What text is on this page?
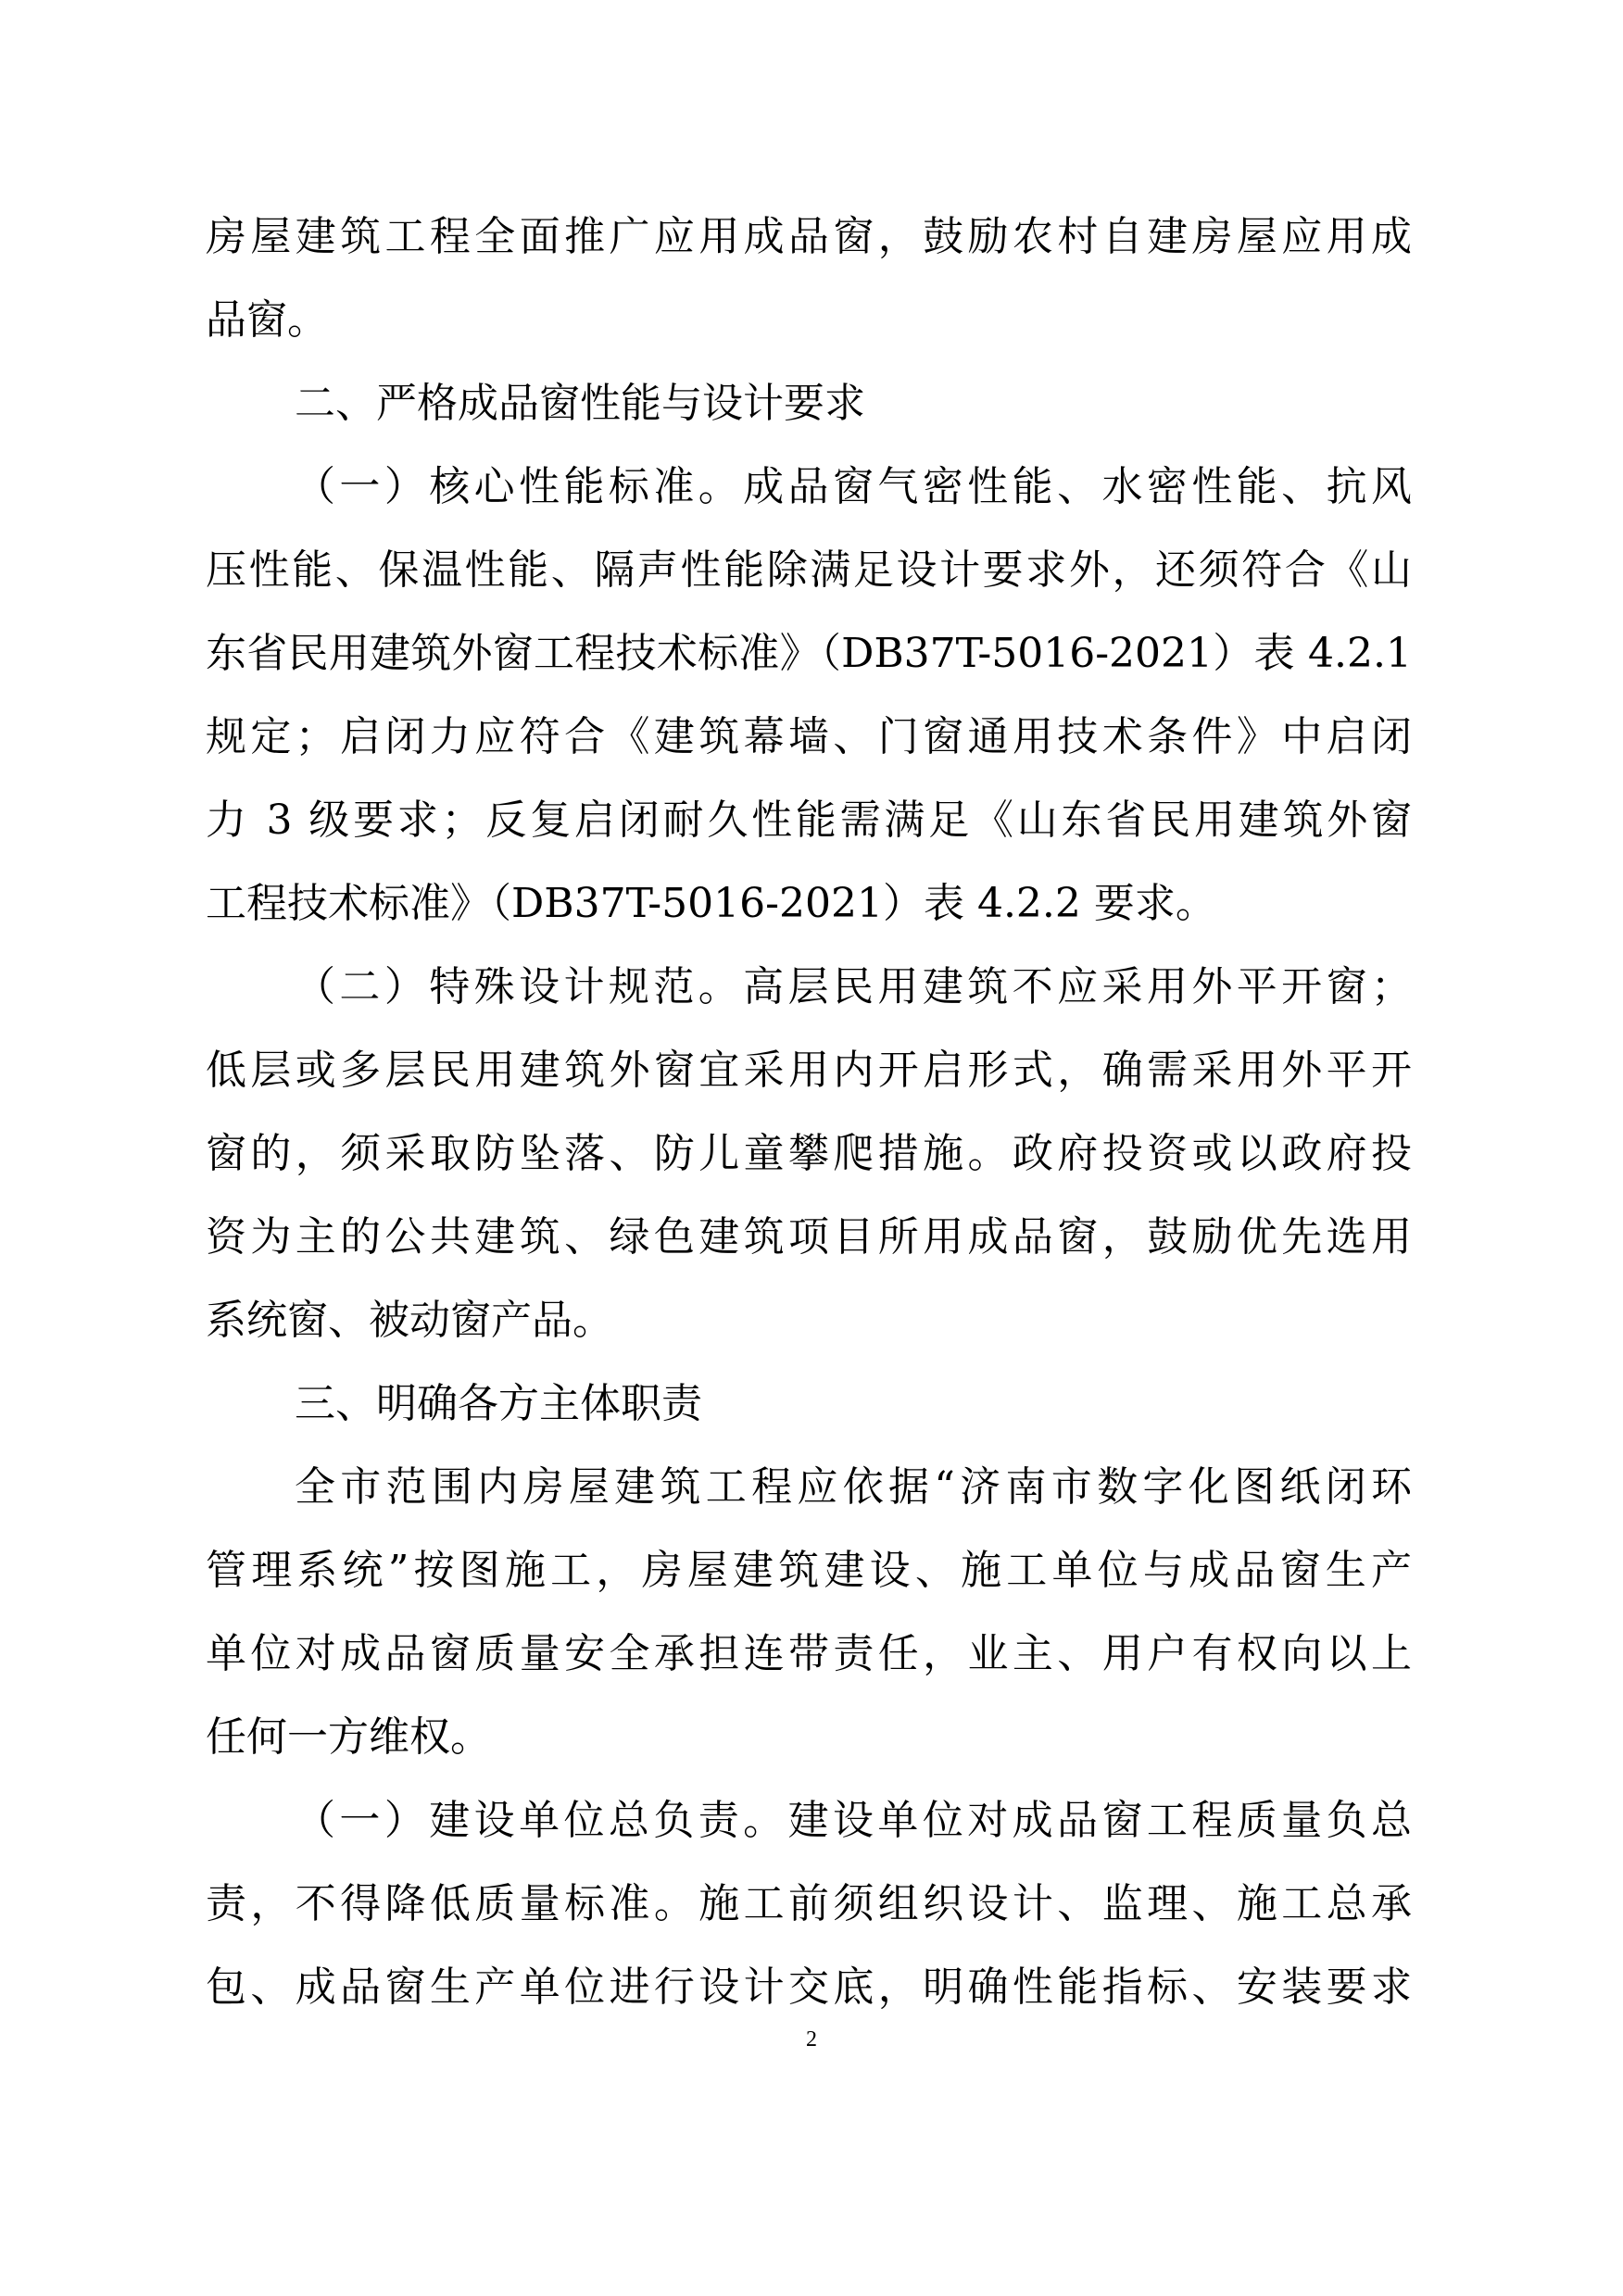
房屋建筑工程全面推广应用成品窗，鼓励农村自建房屋应用成
品窗。
二、严格成品窗性能与设计要求
（一）核心性能标准。成品窗气密性能、水密性能、抗风
压性能、保温性能、隔声性能除满足设计要求外，还须符合《山
东省民用建筑外窗工程技术标准》（DB37T-5016-2021）表 4.2.1
规定；启闭力应符合《建筑幕墙、门窗通用技术条件》中启闭
力 3 级要求；反复启闭耐久性能需满足《山东省民用建筑外窗
工程技术标准》（DB37T-5016-2021）表 4.2.2 要求。
（二）特殊设计规范。高层民用建筑不应采用外平开窗；
低层或多层民用建筑外窗宜采用内开启形式，确需采用外平开
窗的，须采取防坠落、防儿童攀爬措施。政府投资或以政府投
资为主的公共建筑、绿色建筑项目所用成品窗，鼓励优先选用
系统窗、被动窗产品。
三、明确各方主体职责
全市范围内房屋建筑工程应依据“济南市数字化图纸闭环
管理系统”按图施工，房屋建筑建设、施工单位与成品窗生产
单位对成品窗质量安全承担连带责任，业主、用户有权向以上
任何一方维权。
（一）建设单位总负责。建设单位对成品窗工程质量负总
责，不得降低质量标准。施工前须组织设计、监理、施工总承
包、成品窗生产单位进行设计交底，明确性能指标、安装要求
2
